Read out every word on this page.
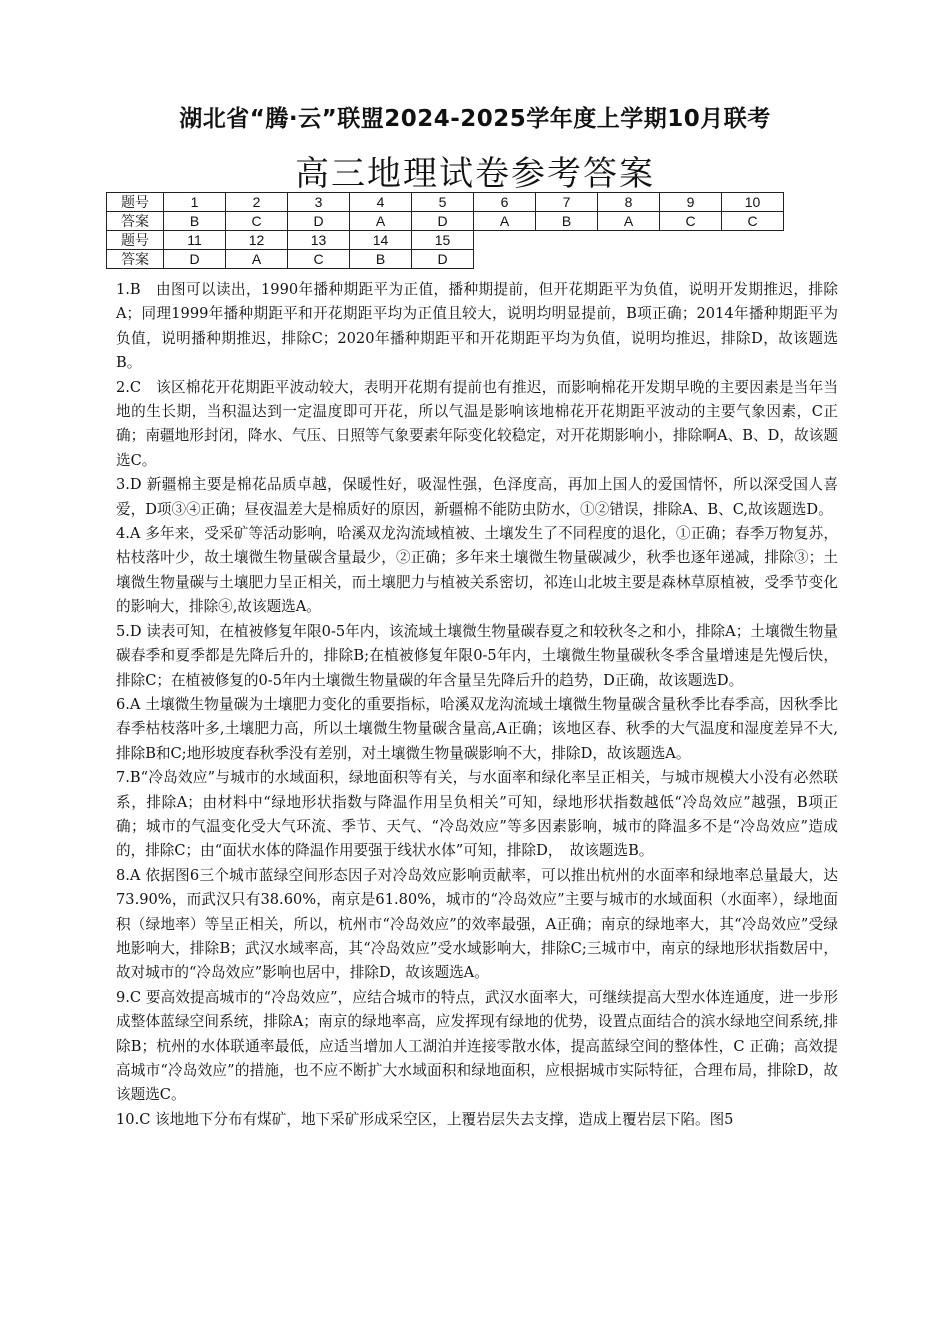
湖北省“腾·云”联盟2024-2025学年度上学期10月联考
高三地理试卷参考答案
题号	1	2	3	4	5	6	7	8	9	10
答案	B	C	D	A	D	A	B	A	C	C
题号	11	12	13	14	15					
答案	D	A	C	B	D					

1.B　由图可以读出，1990年播种期距平为正值，播种期提前，但开花期距平为负值，说明开发期推迟，排除A；同理1999年播种期距平和开花期距平均为正值且较大，说明均明显提前，B项正确；2014年播种期距平为负值，说明播种期推迟，排除C；2020年播种期距平和开花期距平均为负值，说明均推迟，排除D，故该题选B。

2.C　该区棉花开花期距平波动较大，表明开花期有提前也有推迟，而影响棉花开发期早晚的主要因素是当年当地的生长期，当积温达到一定温度即可开花，所以气温是影响该地棉花开花期距平波动的主要气象因素，C正确；南疆地形封闭，降水、气压、日照等气象要素年际变化较稳定，对开花期影响小，排除啊A、B、D，故该题选C。

3.D 新疆棉主要是棉花品质卓越，保暖性好，吸湿性强，色泽度高，再加上国人的爱国情怀，所以深受国人喜爱，D项③④正确；昼夜温差大是棉质好的原因，新疆棉不能防虫防水，①②错误，排除A、B、C,故该题选D。

4.A 多年来，受采矿等活动影响，哈溪双龙沟流域植被、土壤发生了不同程度的退化，①正确；春季万物复苏，枯枝落叶少，故土壤微生物量碳含量最少，②正确；多年来土壤微生物量碳减少，秋季也逐年递减，排除③；土壤微生物量碳与土壤肥力呈正相关，而土壤肥力与植被关系密切，祁连山北坡主要是森林草原植被，受季节变化的影响大，排除④,故该题选A。

5.D 读表可知，在植被修复年限0-5年内，该流域土壤微生物量碳春夏之和较秋冬之和小，排除A；土壤微生物量碳春季和夏季都是先降后升的，排除B;在植被修复年限0-5年内，土壤微生物量碳秋冬季含量增速是先慢后快，排除C；在植被修复的0-5年内土壤微生物量碳的年含量呈先降后升的趋势，D正确，故该题选D。

6.A 土壤微生物量碳为土壤肥力变化的重要指标，哈溪双龙沟流域土壤微生物量碳含量秋季比春季高，因秋季比春季枯枝落叶多,土壤肥力高，所以土壤微生物量碳含量高,A正确；该地区春、秋季的大气温度和湿度差异不大,排除B和C;地形坡度春秋季没有差别，对土壤微生物量碳影响不大，排除D，故该题选A。

7.B“冷岛效应”与城市的水域面积，绿地面积等有关，与水面率和绿化率呈正相关，与城市规模大小没有必然联系，排除A；由材料中“绿地形状指数与降温作用呈负相关”可知，绿地形状指数越低“冷岛效应”越强，B项正确；城市的气温变化受大气环流、季节、天气、“冷岛效应”等多因素影响，城市的降温多不是“冷岛效应”造成的，排除C；由“面状水体的降温作用要强于线状水体”可知，排除D，　故该题选B。

8.A 依据图6三个城市蓝绿空间形态因子对冷岛效应影响贡献率，可以推出杭州的水面率和绿地率总量最大，达73.90%，而武汉只有38.60%，南京是61.80%，城市的“冷岛效应”主要与城市的水域面积（水面率），绿地面积（绿地率）等呈正相关，所以，杭州市“冷岛效应”的效率最强，A正确；南京的绿地率大，其“冷岛效应”受绿地影响大，排除B；武汉水域率高，其“冷岛效应”受水域影响大，排除C;三城市中，南京的绿地形状指数居中，故对城市的“冷岛效应”影响也居中，排除D，故该题选A。

9.C 要高效提高城市的“冷岛效应”，应结合城市的特点，武汉水面率大，可继续提高大型水体连通度，进一步形成整体蓝绿空间系统，排除A；南京的绿地率高，应发挥现有绿地的优势，设置点面结合的滨水绿地空间系统,排除B；杭州的水体联通率最低，应适当增加人工湖泊并连接零散水体，提高蓝绿空间的整体性，C 正确；高效提高城市“冷岛效应”的措施，也不应不断扩大水域面积和绿地面积，应根据城市实际特征，合理布局，排除D，故该题选C。

10.C 该地地下分布有煤矿，地下采矿形成采空区，上覆岩层失去支撑，造成上覆岩层下陷。图5
